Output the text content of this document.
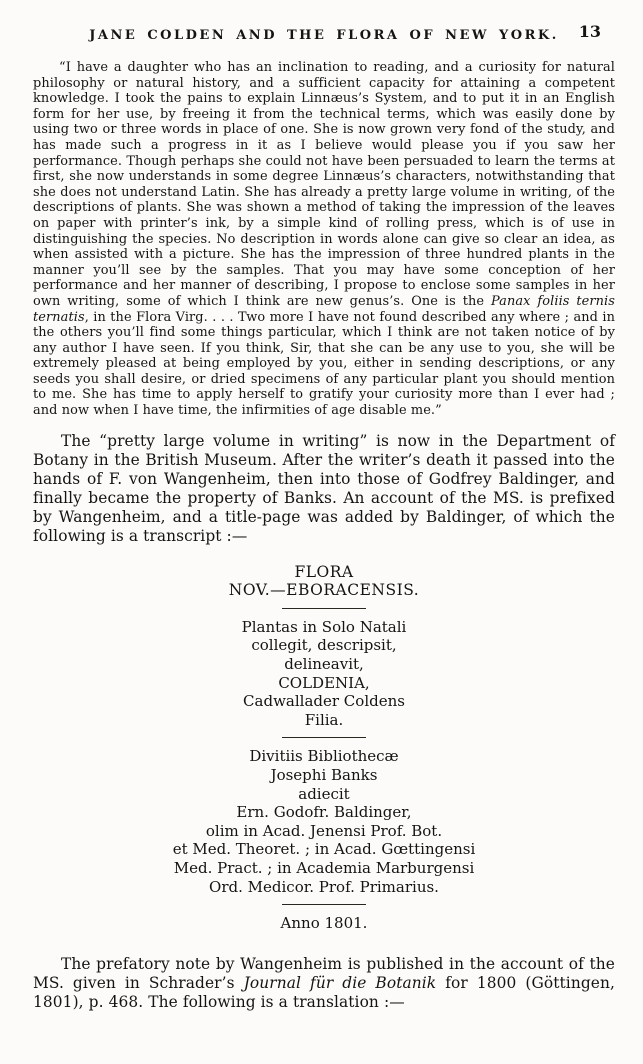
JANE COLDEN AND THE FLORA OF NEW YORK. 13

“I have a daughter who has an inclination to reading, and a curiosity for natural philosophy or natural history, and a sufficient capacity for attaining a competent knowledge. I took the pains to explain Linnæus’s System, and to put it in an English form for her use, by freeing it from the technical terms, which was easily done by using two or three words in place of one. She is now grown very fond of the study, and has made such a progress in it as I believe would please you if you saw her performance. Though perhaps she could not have been persuaded to learn the terms at first, she now understands in some degree Linnæus’s characters, notwithstanding that she does not understand Latin. She has already a pretty large volume in writing, of the descriptions of plants. She was shown a method of taking the impression of the leaves on paper with printer’s ink, by a simple kind of rolling press, which is of use in distinguishing the species. No description in words alone can give so clear an idea, as when assisted with a picture. She has the impression of three hundred plants in the manner you’ll see by the samples. That you may have some conception of her performance and her manner of describing, I propose to enclose some samples in her own writing, some of which I think are new genus’s. One is the Panax foliis ternis ternatis, in the Flora Virg. . . . Two more I have not found described any where ; and in the others you’ll find some things particular, which I think are not taken notice of by any author I have seen. If you think, Sir, that she can be any use to you, she will be extremely pleased at being employed by you, either in sending descriptions, or any seeds you shall desire, or dried specimens of any particular plant you should mention to me. She has time to apply herself to gratify your curiosity more than I ever had ; and now when I have time, the infirmities of age disable me.”

The “pretty large volume in writing” is now in the Department of Botany in the British Museum. After the writer’s death it passed into the hands of F. von Wangenheim, then into those of Godfrey Baldinger, and finally became the property of Banks. An account of the MS. is prefixed by Wangenheim, and a title-page was added by Baldinger, of which the following is a transcript :—

FLORA
NOV.—EBORACENSIS.
Plantas in Solo Natali
collegit, descripsit,
delineavit,
COLDENIA,
Cadwallader Coldens
Filia.
Divitiis Bibliothecæ
Josephi Banks
adiecit
Ern. Godofr. Baldinger,
olim in Acad. Jenensi Prof. Bot.
et Med. Theoret. ; in Acad. Gœttingensi
Med. Pract. ; in Academia Marburgensi
Ord. Medicor. Prof. Primarius.
Anno 1801.

The prefatory note by Wangenheim is published in the account of the MS. given in Schrader’s Journal für die Botanik for 1800 (Göttingen, 1801), p. 468. The following is a translation :—
